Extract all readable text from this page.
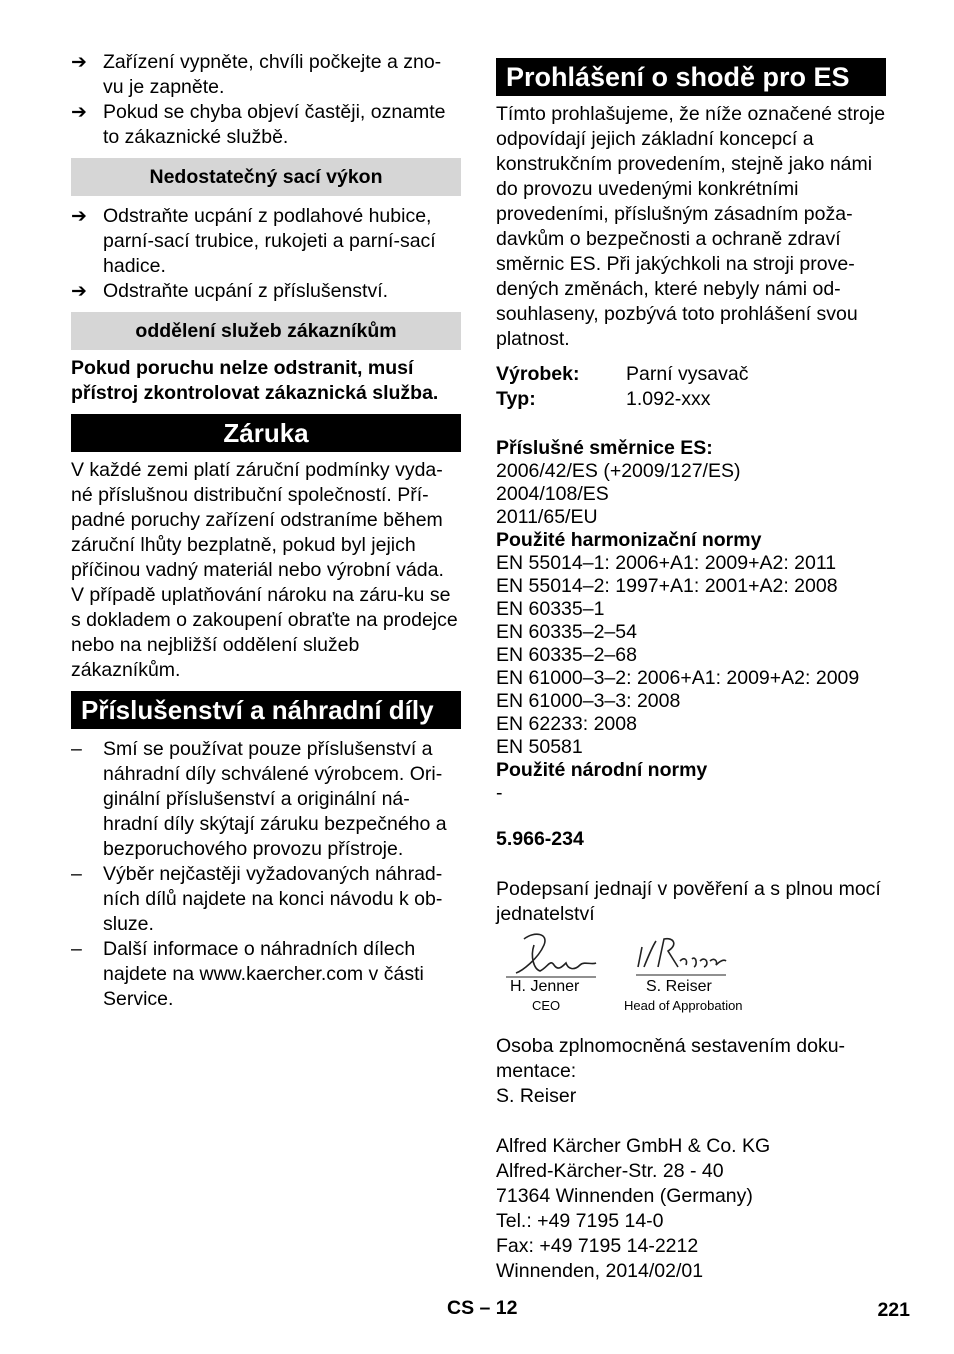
➔ Zařízení vypněte, chvíli počkejte a zno-vu je zapněte.

➔ Pokud se chyba objeví častěji, oznamte to zákaznické službě.

Nedostatečný sací výkon
➔ Odstraňte ucpání z podlahové hubice, parní-sací trubice, rukojeti a parní-sací hadice.

➔ Odstraňte ucpání z příslušenství.

oddělení služeb zákazníkům

Pokud poruchu nelze odstranit, musí přístroj zkontrolovat zákaznická služba.

Záruka

V každé zemi platí záruční podmínky vyda-né příslušnou distribuční společností. Pří-padné poruchy zařízení odstraníme během záruční lhůty bezplatně, pokud byl jejich příčinou vadný materiál nebo výrobní váda. V případě uplatňování nároku na záru-ku se s dokladem o zakoupení obraťte na prodejce nebo na nejbližší oddělení služeb zákazníkům.

Příslušenství a náhradní díly
– Smí se používat pouze příslušenství a náhradní díly schválené výrobcem. Ori-ginální příslušenství a originální ná-hradní díly skýtají záruku bezpečného a bezporuchového provozu přístroje.

– Výběr nejčastěji vyžadovaných náhrad-ních dílů najdete na konci návodu k ob-sluze.

– Další informace o náhradních dílech najdete na www.kaercher.com v části Service.

Prohlášení o shodě pro ES

Tímto prohlašujeme, že níže označené stroje odpovídají jejich základní koncepcí a konstrukčním provedením, stejně jako námi do provozu uvedenými konkrétními provedeními, příslušným zásadním poža-davkům o bezpečnosti a ochraně zdraví směrnic ES. Při jakýchkoli na stroji prove-dených změnách, které nebyly námi od-souhlaseny, pozbývá toto prohlášení svou platnost.

Výrobek:	Parní vysavač
Typ:	1.092-xxx

Příslušné směrnice ES:

2006/42/ES (+2009/127/ES)

2004/108/ES

2011/65/EU

Použité harmonizační normy

EN 55014–1: 2006+A1: 2009+A2: 2011

EN 55014–2: 1997+A1: 2001+A2: 2008

EN 60335–1

EN 60335–2–54

EN 60335–2–68

EN 61000–3–2: 2006+A1: 2009+A2: 2009

EN 61000–3–3: 2008

EN 62233: 2008

EN 50581

Použité národní normy

-

5.966-234

Podepsaní jednají v pověření a s plnou mocí jednatelství

H. Jenner
CEO
S. Reiser
Head of Approbation

Osoba zplnomocněná sestavením doku-mentace:

S. Reiser

Alfred Kärcher GmbH & Co. KG

Alfred-Kärcher-Str. 28 - 40

71364 Winnenden (Germany)

Tel.: +49 7195 14-0

Fax: +49 7195 14-2212

Winnenden, 2014/02/01

CS – 12	221
